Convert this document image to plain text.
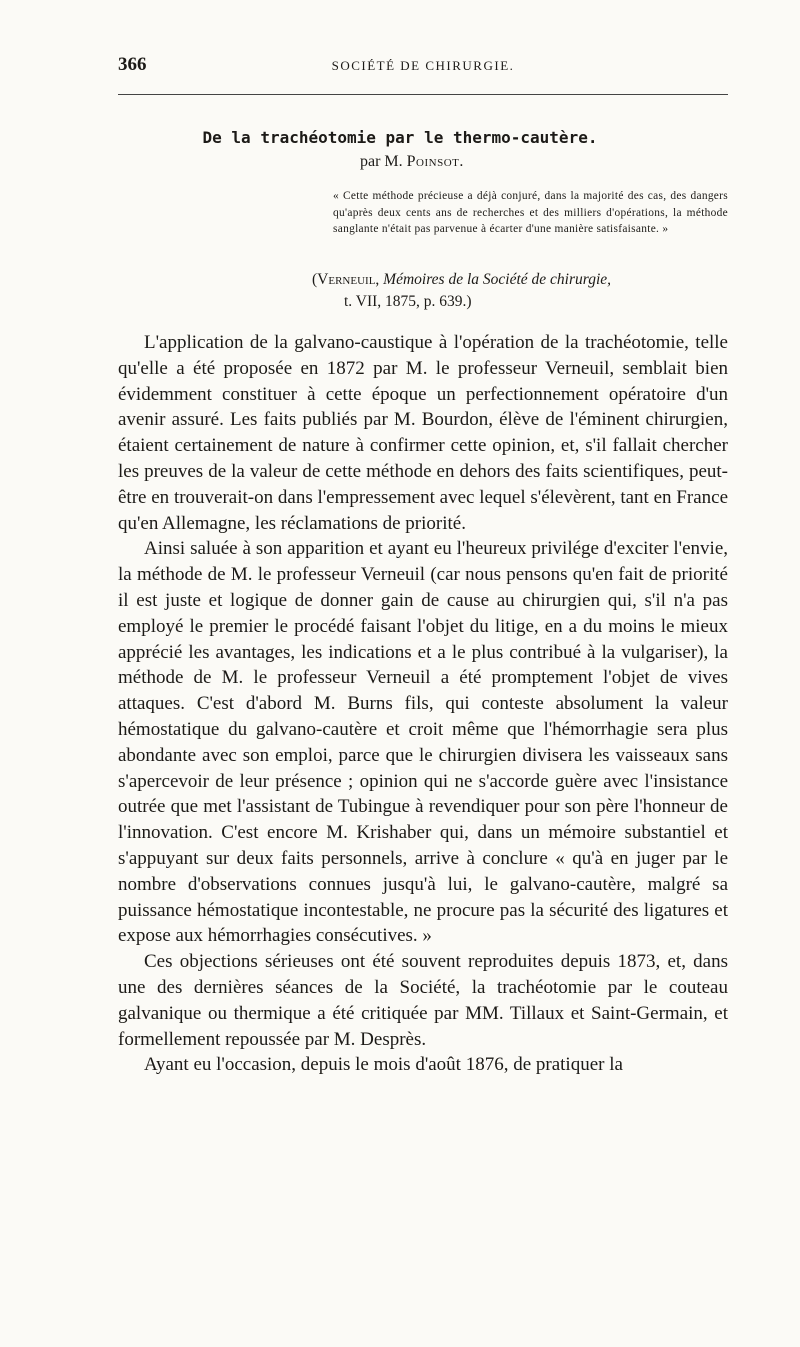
366	SOCIÉTÉ DE CHIRURGIE.
De la trachéotomie par le thermo-cautère.
par M. Poinsot.
« Cette méthode précieuse a déjà conjuré, dans la majorité des cas, des dangers qu'après deux cents ans de recherches et des milliers d'opérations, la méthode sanglante n'était pas parvenue à écarter d'une manière satisfaisante. »
(Verneuil, Mémoires de la Société de chirurgie,
t. VII, 1875, p. 639.)

L'application de la galvano-caustique à l'opération de la trachéotomie, telle qu'elle a été proposée en 1872 par M. le professeur Verneuil, semblait bien évidemment constituer à cette époque un perfectionnement opératoire d'un avenir assuré. Les faits publiés par M. Bourdon, élève de l'éminent chirurgien, étaient certainement de nature à confirmer cette opinion, et, s'il fallait chercher les preuves de la valeur de cette méthode en dehors des faits scientifiques, peut-être en trouverait-on dans l'empressement avec lequel s'élevèrent, tant en France qu'en Allemagne, les réclamations de priorité.

Ainsi saluée à son apparition et ayant eu l'heureux privilége d'exciter l'envie, la méthode de M. le professeur Verneuil (car nous pensons qu'en fait de priorité il est juste et logique de donner gain de cause au chirurgien qui, s'il n'a pas employé le premier le procédé faisant l'objet du litige, en a du moins le mieux apprécié les avantages, les indications et a le plus contribué à la vulgariser), la méthode de M. le professeur Verneuil a été promptement l'objet de vives attaques. C'est d'abord M. Burns fils, qui conteste absolument la valeur hémostatique du galvano-cautère et croit même que l'hémorrhagie sera plus abondante avec son emploi, parce que le chirurgien divisera les vaisseaux sans s'apercevoir de leur présence ; opinion qui ne s'accorde guère avec l'insistance outrée que met l'assistant de Tubingue à revendiquer pour son père l'honneur de l'innovation. C'est encore M. Krishaber qui, dans un mémoire substantiel et s'appuyant sur deux faits personnels, arrive à conclure « qu'à en juger par le nombre d'observations connues jusqu'à lui, le galvano-cautère, malgré sa puissance hémostatique incontestable, ne procure pas la sécurité des ligatures et expose aux hémorrhagies consécutives. »

Ces objections sérieuses ont été souvent reproduites depuis 1873, et, dans une des dernières séances de la Société, la trachéotomie par le couteau galvanique ou thermique a été critiquée par MM. Tillaux et Saint-Germain, et formellement repoussée par M. Desprès.

Ayant eu l'occasion, depuis le mois d'août 1876, de pratiquer la
